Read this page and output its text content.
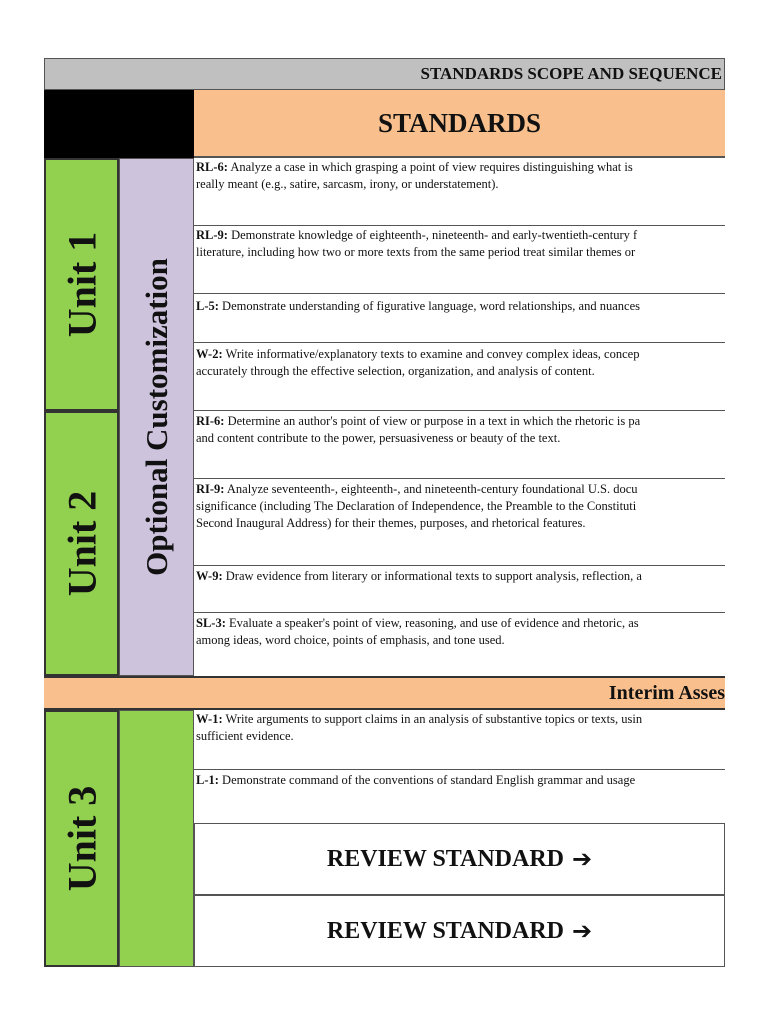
STANDARDS SCOPE AND SEQUENCE
STANDARDS
Unit 1
Unit 2 Optional Customization
RL-6: Analyze a case in which grasping a point of view requires distinguishing what is
really meant (e.g., satire, sarcasm, irony, or understatement).
RL-9: Demonstrate knowledge of eighteenth-, nineteenth- and early-twentieth-century f
literature, including how two or more texts from the same period treat similar themes or
L-5: Demonstrate understanding of figurative language, word relationships, and nuances
W-2: Write informative/explanatory texts to examine and convey complex ideas, concep
accurately through the effective selection, organization, and analysis of content.
RI-6: Determine an author's point of view or purpose in a text in which the rhetoric is pa
and content contribute to the power, persuasiveness or beauty of the text.
RI-9: Analyze seventeenth-, eighteenth-, and nineteenth-century foundational U.S. docu
significance (including The Declaration of Independence, the Preamble to the Constituti
Second Inaugural Address) for their themes, purposes, and rhetorical features.
W-9: Draw evidence from literary or informational texts to support analysis, reflection, a
SL-3: Evaluate a speaker's point of view, reasoning, and use of evidence and rhetoric, as
among ideas, word choice, points of emphasis, and tone used.
Interim Asses
Unit 3
W-1: Write arguments to support claims in an analysis of substantive topics or texts, usin
sufficient evidence.
L-1: Demonstrate command of the conventions of standard English grammar and usage
REVIEW STANDARD ➔
REVIEW STANDARD ➔
